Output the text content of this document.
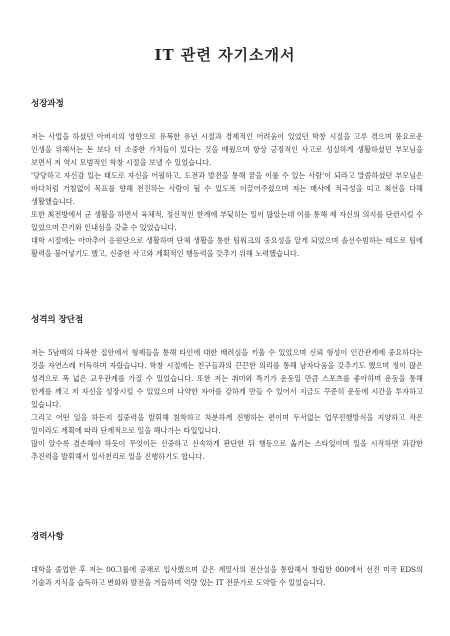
IT 관련 자기소개서
성장과정

저는 사업을 하셨던 아버지의 영향으로 유복한 유년 시절과 경제적인 어려움이 있었던 학창 시절을 고루 겪으며 풍요로운 인생을 위해서는 돈 보다 더 소중한 가치들이 있다는 것을 배웠으며 항상 긍정적인 사고로 성실하게 생활하셨던 부모님을 보면서 저 역시 모범적인 학창 시절을 보낼 수 있었습니다.

'당당하고 자신감 있는 태도로 자신을 어필하고, 도전과 발전을 통해 꿈을 이룰 수 있는 사람'이 되라고 말씀하셨던 부모님은 바다처럼 거침없이 목표를 향해 전진하는 사람이 될 수 있도록 이끌어주셨으며 저는 매사에 적극성을 띠고 최선을 다해 생활했습니다.

또한 최전방에서 군 생활을 하면서 육체적, 정신적인 한계에 부딪히는 일이 많았는데 이를 통해 제 자신의 의지를 단련시킬 수 있었으며 끈기와 인내심을 갖출 수 있었습니다.

대학 시절에는 아마추어 응원단으로 생활하며 단체 생활을 통한 팀워크의 중요성을 알게 되었으며 솔선수범하는 태도로 팀에 활력을 불어넣기도 했고, 신중한 사고와 계획적인 행동력을 갖추기 위해 노력했습니다.

성격의 장단점

저는 5남매의 다복한 집안에서 형제들을 통해 타인에 대한 배려심을 키울 수 있었으며 신뢰 형성이 인간관계에 중요하다는 것을 자연스레 터득하며 자랐습니다. 학창 시절에는 친구들과의 끈끈한 의리를 통해 남자다움을 갖추기도 했으며 정이 많은 성격으로 폭 넓은 교우관계를 가질 수 있었습니다. 또한 저는 취미와 특기가 운동일 만큼 스포츠를 좋아하며 운동을 통해 한계를 깨고 저 자신을 성장시킬 수 있었으며 나약한 자아를 강하게 만들 수 있어서 지금도 꾸준히 운동에 시간을 투자하고 있습니다.

그리고 어떤 일을 하든지 집중력을 발휘해 침착하고 차분하게 진행하는 편이며 두서없는 업무진행방식을 지양하고 작은 일이라도 계획에 따라 단계적으로 일을 해나가는 타입입니다.

많이 알수록 겸손해야 하듯이 무엇이든 신중하고 신속하게 판단한 뒤 행동으로 옮기는 스타일이며 일을 시작하면 과감한 추진력을 발휘해서 일사천리로 일을 진행하기도 합니다.

경력사항

대학을 졸업한 후 저는 00그룹에 공채로 입사했으며 같은 계열사의 전산실을 통합해서 창립한 000에서 선진 미국 EDS의 기술과 지식을 습득하고 변화와 발전을 거듭하며 역량 있는 IT 전문가로 도약할 수 있었습니다.
